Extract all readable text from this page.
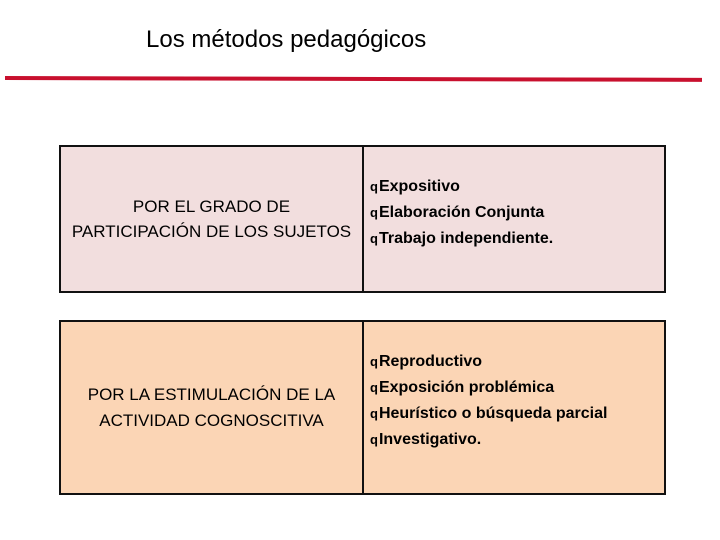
Los métodos pedagógicos
POR EL GRADO DE PARTICIPACIÓN DE LOS SUJETOS
qExpositivo
qElaboración Conjunta
qTrabajo independiente.
POR LA ESTIMULACIÓN DE LA ACTIVIDAD COGNOSCITIVA
qReproductivo
qExposición problémica
qHeurístico o búsqueda parcial
qInvestigativo.
